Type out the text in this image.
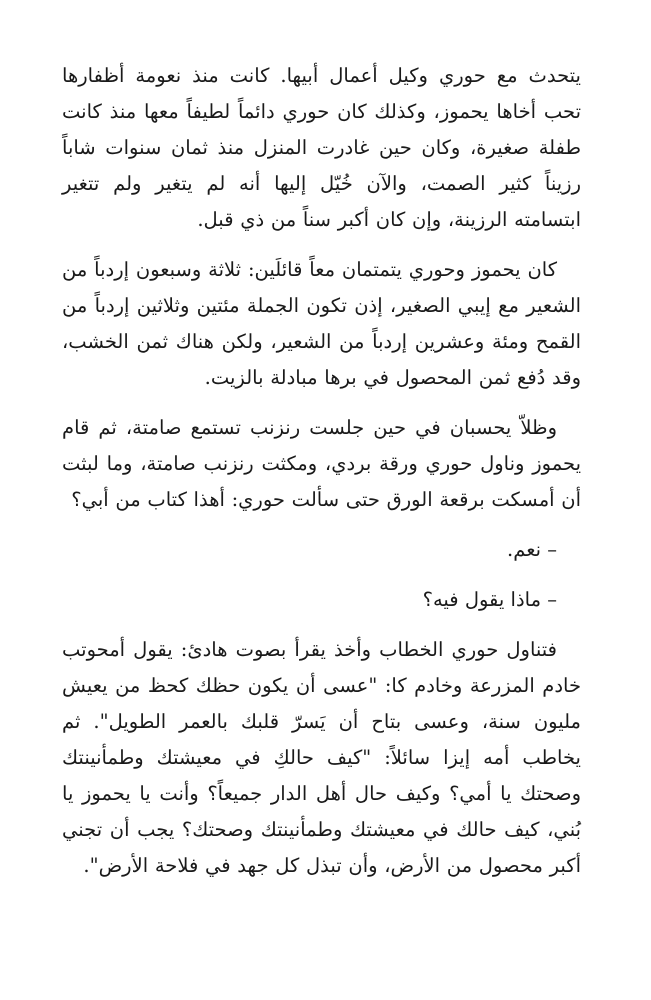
يتحدث مع حوري وكيل أعمال أبيها. كانت منذ نعومة أظفارها تحب أخاها يحموز، وكذلك كان حوري دائماً لطيفاً معها منذ كانت طفلة صغيرة، وكان حين غادرت المنزل منذ ثمان سنوات شاباً رزيناً كثير الصمت، والآن خُيّل إليها أنه لم يتغير ولم تتغير ابتسامته الرزينة، وإن كان أكبر سناً من ذي قبل.

كان يحموز وحوري يتمتمان معاً قائلَين: ثلاثة وسبعون إردباً من الشعير مع إيبي الصغير، إذن تكون الجملة مئتين وثلاثين إردباً من القمح ومئة وعشرين إردباً من الشعير، ولكن هناك ثمن الخشب، وقد دُفع ثمن المحصول في برها مبادلة بالزيت.

وظلاّ يحسبان في حين جلست رنزنب تستمع صامتة، ثم قام يحموز وناول حوري ورقة بردي، ومكثت رنزنب صامتة، وما لبثت أن أمسكت برقعة الورق حتى سألت حوري: أهذا كتاب من أبي؟

– نعم.

– ماذا يقول فيه؟

فتناول حوري الخطاب وأخذ يقرأ بصوت هادئ: يقول أمحوتب خادم المزرعة وخادم كا: "عسى أن يكون حظك كحظ من يعيش مليون سنة، وعسى بتاح أن يَسرّ قلبك بالعمر الطويل". ثم يخاطب أمه إيزا سائلاً: "كيف حالكِ في معيشتك وطمأنينتك وصحتك يا أمي؟ وكيف حال أهل الدار جميعاً؟ وأنت يا يحموز يا بُني، كيف حالك في معيشتك وطمأنينتك وصحتك؟ يجب أن تجني أكبر محصول من الأرض، وأن تبذل كل جهد في فلاحة الأرض".
